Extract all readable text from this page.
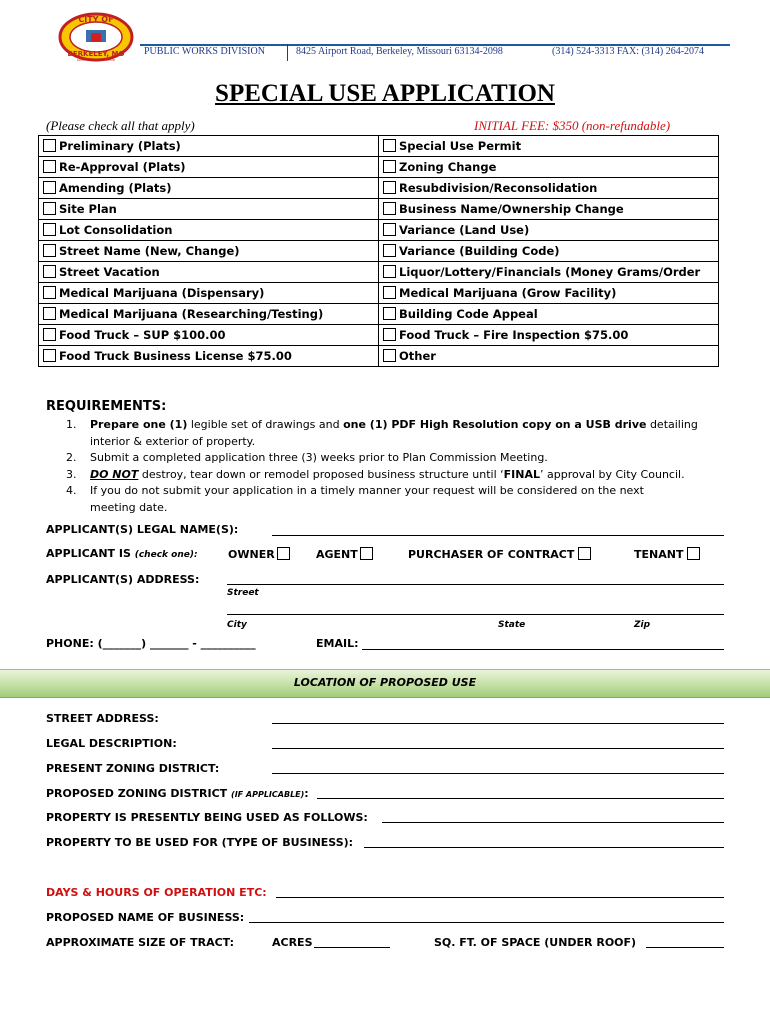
CITY OF
BERKELEY, MO
SAFE · FRIENDLY · PROUD
PUBLIC WORKS DIVISION	8425 Airport Road, Berkeley, Missouri 63134-2098	(314) 524-3313 FAX: (314) 264-2074
SPECIAL USE APPLICATION
(Please check all that apply)	INITIAL FEE: $350 (non-refundable)
Preliminary (Plats)	Special Use Permit
Re-Approval (Plats)	Zoning Change
Amending (Plats)	Resubdivision/Reconsolidation
Site Plan	Business Name/Ownership Change
Lot Consolidation	Variance (Land Use)
Street Name (New, Change)	Variance (Building Code)
Street Vacation	Liquor/Lottery/Financials (Money Grams/Order
Medical Marijuana (Dispensary)	Medical Marijuana (Grow Facility)
Medical Marijuana (Researching/Testing)	Building Code Appeal
Food Truck – SUP $100.00	Food Truck – Fire Inspection $75.00
Food Truck Business License $75.00	Other
REQUIREMENTS:
1.	Prepare one (1) legible set of drawings and one (1) PDF High Resolution copy on a USB drive detailing
interior & exterior of property.
2.	Submit a completed application three (3) weeks prior to Plan Commission Meeting.
3.	DO NOT destroy, tear down or remodel proposed business structure until ‘FINAL’ approval by City Council.
4.	If you do not submit your application in a timely manner your request will be considered on the next
meeting date.
APPLICANT(S) LEGAL NAME(S):
APPLICANT IS (check one):	OWNER	AGENT	PURCHASER OF CONTRACT	TENANT
APPLICANT(S) ADDRESS:
Street
City	State	Zip
PHONE: (_______) _______ - __________	EMAIL:
LOCATION OF PROPOSED USE
STREET ADDRESS:
LEGAL DESCRIPTION:
PRESENT ZONING DISTRICT:
PROPOSED ZONING DISTRICT (IF APPLICABLE):
PROPERTY IS PRESENTLY BEING USED AS FOLLOWS:
PROPERTY TO BE USED FOR (TYPE OF BUSINESS):
DAYS & HOURS OF OPERATION ETC:
PROPOSED NAME OF BUSINESS:
APPROXIMATE SIZE OF TRACT:	ACRES	SQ. FT. OF SPACE (UNDER ROOF)
